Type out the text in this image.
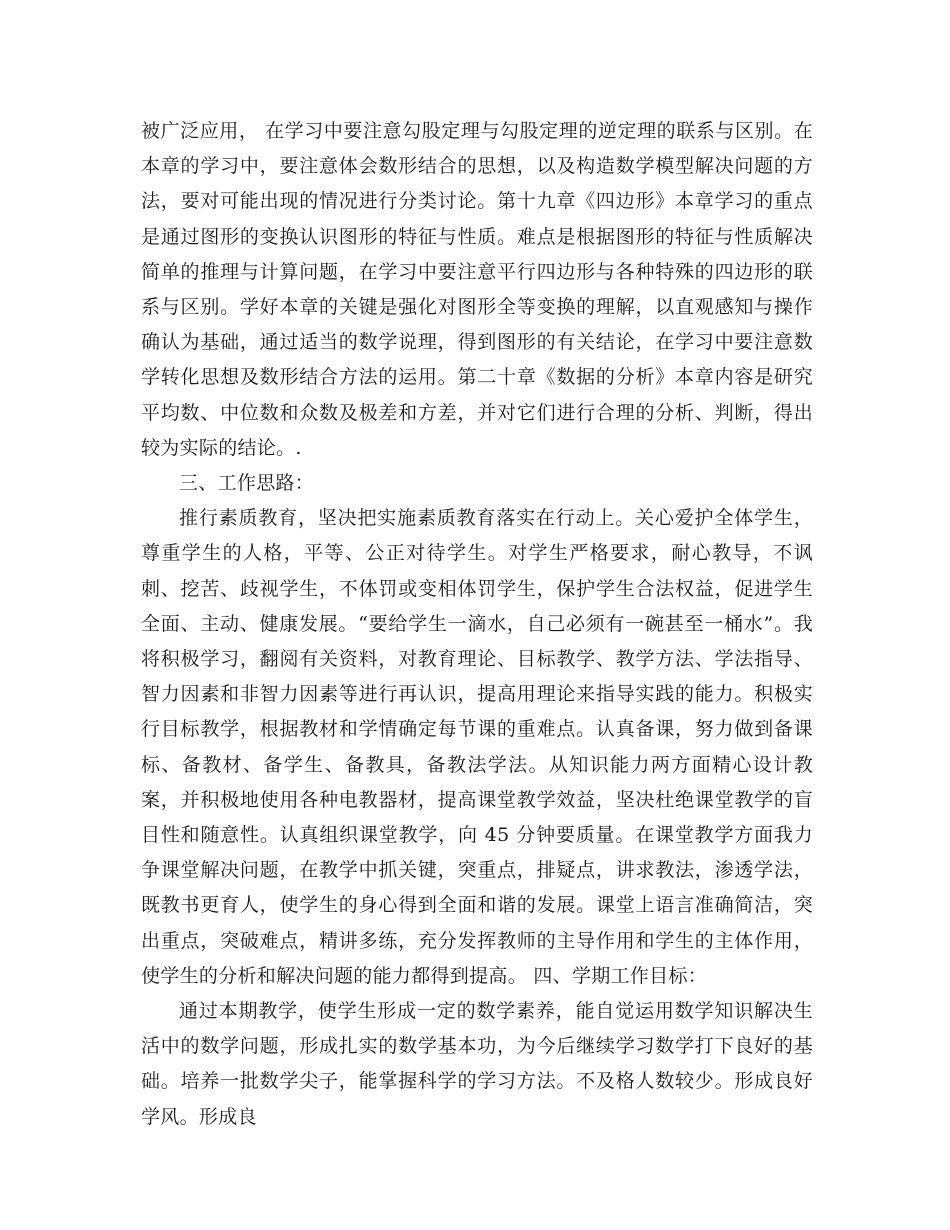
被广泛应用， 在学习中要注意勾股定理与勾股定理的逆定理的联系与区别。在本章的学习中，要注意体会数形结合的思想，以及构造数学模型解决问题的方法，要对可能出现的情况进行分类讨论。第十九章《四边形》本章学习的重点是通过图形的变换认识图形的特征与性质。难点是根据图形的特征与性质解决简单的推理与计算问题，在学习中要注意平行四边形与各种特殊的四边形的联系与区别。学好本章的关键是强化对图形全等变换的理解，以直观感知与操作确认为基础，通过适当的数学说理，得到图形的有关结论，在学习中要注意数学转化思想及数形结合方法的运用。第二十章《数据的分析》本章内容是研究平均数、中位数和众数及极差和方差，并对它们进行合理的分析、判断，得出较为实际的结论。.

三、工作思路：

推行素质教育，坚决把实施素质教育落实在行动上。关心爱护全体学生，尊重学生的人格，平等、公正对待学生。对学生严格要求，耐心教导，不讽刺、挖苦、歧视学生，不体罚或变相体罚学生，保护学生合法权益，促进学生全面、主动、健康发展。“要给学生一滴水，自己必须有一碗甚至一桶水”。我将积极学习，翻阅有关资料，对教育理论、目标教学、教学方法、学法指导、智力因素和非智力因素等进行再认识，提高用理论来指导实践的能力。积极实行目标教学，根据教材和学情确定每节课的重难点。认真备课，努力做到备课标、备教材、备学生、备教具，备教法学法。从知识能力两方面精心设计教案，并积极地使用各种电教器材，提高课堂教学效益，坚决杜绝课堂教学的盲目性和随意性。认真组织课堂教学，向 45 分钟要质量。在课堂教学方面我力争课堂解决问题，在教学中抓关键，突重点，排疑点，讲求教法，渗透学法，既教书更育人，使学生的身心得到全面和谐的发展。课堂上语言准确简洁，突出重点，突破难点，精讲多练，充分发挥教师的主导作用和学生的主体作用，使学生的分析和解决问题的能力都得到提高。 四、学期工作目标：

通过本期教学，使学生形成一定的数学素养，能自觉运用数学知识解决生活中的数学问题，形成扎实的数学基本功，为今后继续学习数学打下良好的基础。培养一批数学尖子，能掌握科学的学习方法。不及格人数较少。形成良好学风。形成良
